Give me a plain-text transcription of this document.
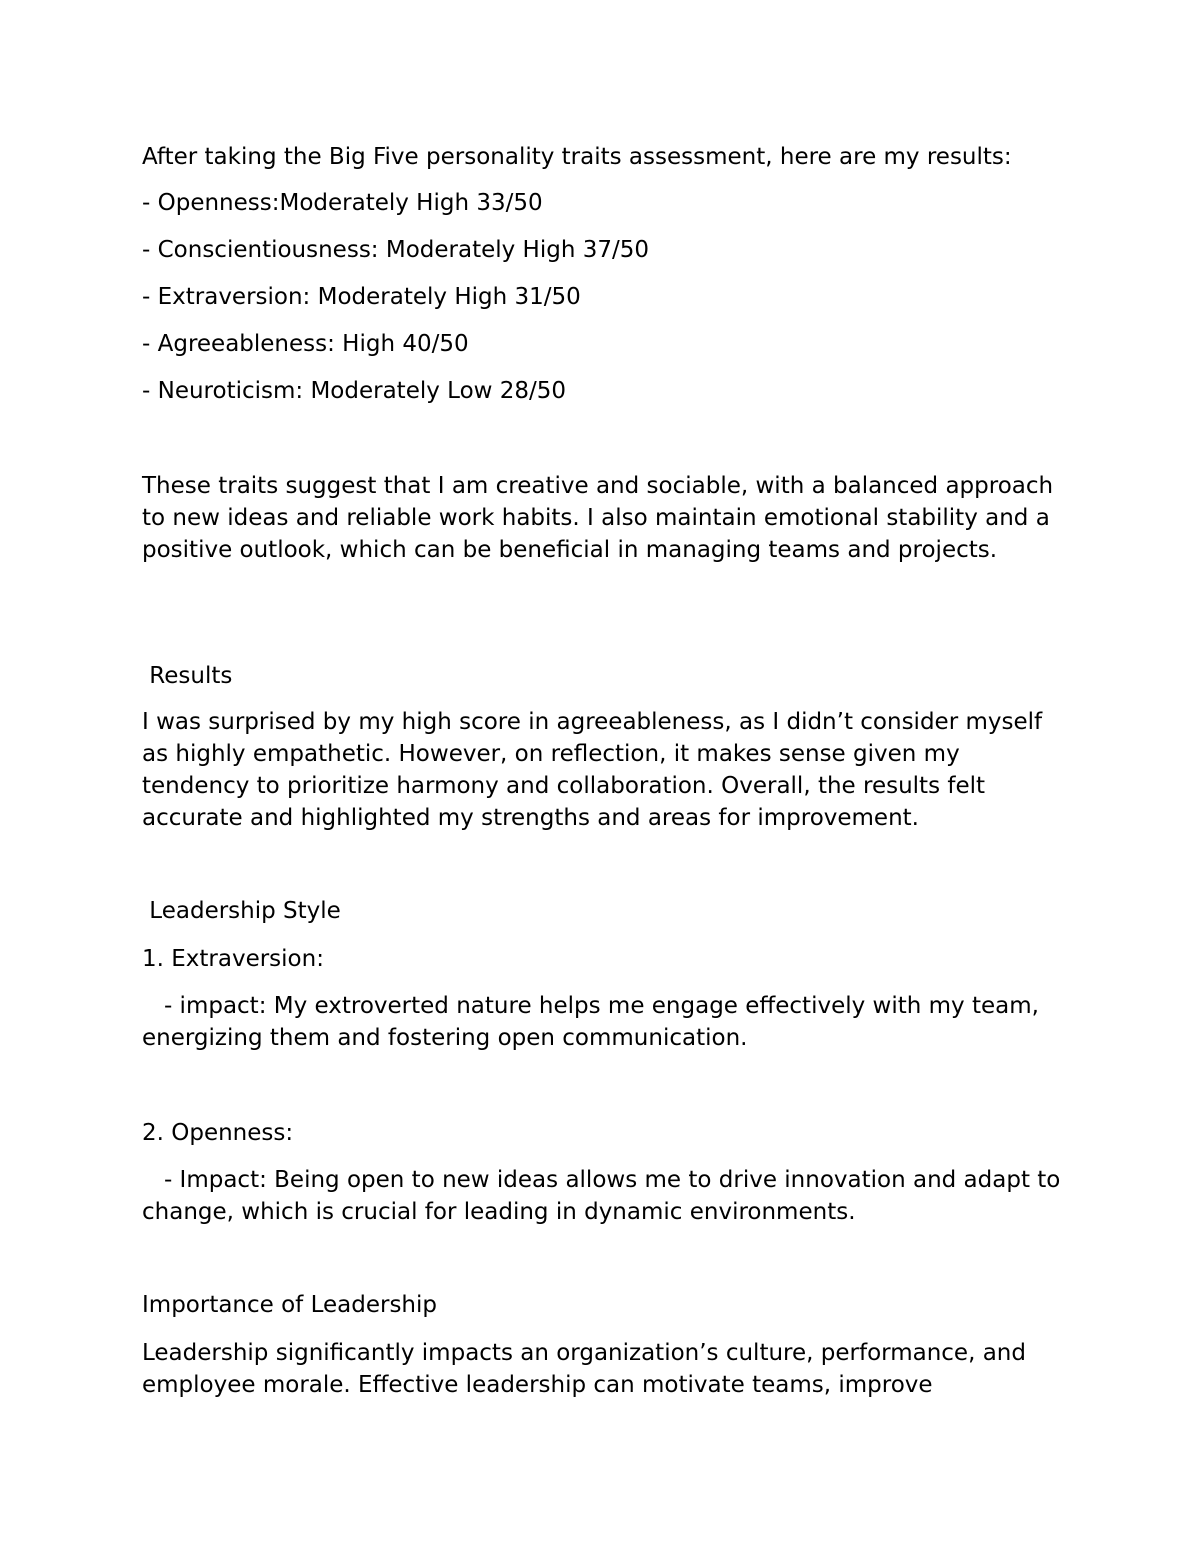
After taking the Big Five personality traits assessment, here are my results:

- Openness:Moderately High 33/50

- Conscientiousness: Moderately High 37/50

- Extraversion: Moderately High 31/50

- Agreeableness: High 40/50

- Neuroticism: Moderately Low 28/50

These traits suggest that I am creative and sociable, with a balanced approach to new ideas and reliable work habits. I also maintain emotional stability and a positive outlook, which can be beneficial in managing teams and projects.

Results

I was surprised by my high score in agreeableness, as I didn’t consider myself as highly empathetic. However, on reflection, it makes sense given my tendency to prioritize harmony and collaboration. Overall, the results felt accurate and highlighted my strengths and areas for improvement.

Leadership Style

1. Extraversion:

- impact: My extroverted nature helps me engage effectively with my team, energizing them and fostering open communication.

2. Openness:

- Impact: Being open to new ideas allows me to drive innovation and adapt to change, which is crucial for leading in dynamic environments.

Importance of Leadership

Leadership significantly impacts an organization’s culture, performance, and employee morale. Effective leadership can motivate teams, improve
